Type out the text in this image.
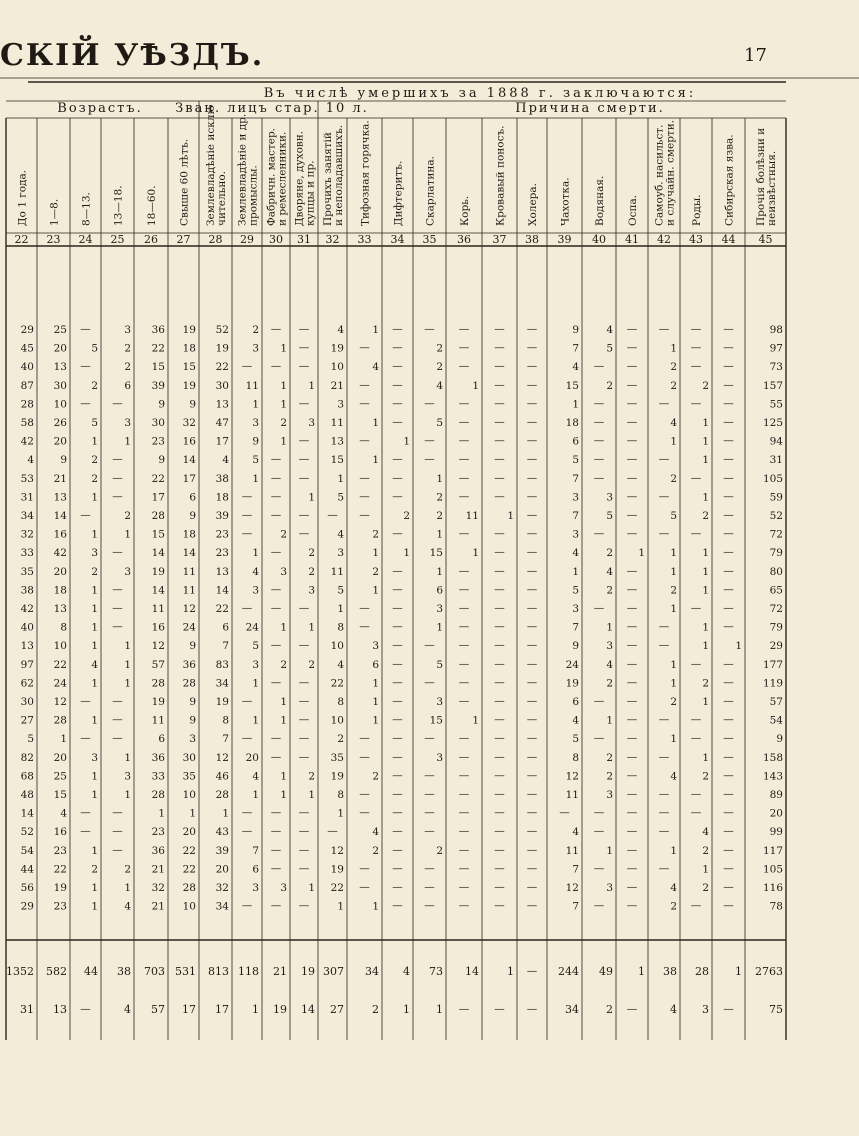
СКІЙ УѢЗДЪ.	17
Въ числѣ умершихъ за 1888 г. заключаются:
Возрастъ. Зван. лицъ стар. 10 л.	Причина смерти.
До 1 года.
22
1—8.
23
8—13.
24
13—18.
25
18—60.
26
Свыше 60 лѣтъ.
27
Землевладѣніе исклю чительно.
28
Землевладѣніе и др. промыслы.
29
Фабричн. мастер. и ремесленники.
30
Дворяне, духовн. купцы и пр.
31
Прочихъ занятій и неполадавшихъ.
32
Тифозная горячка.
33
Дифтеритъ.
34
Скарлатина.
35
Корь.
36
Кровавый поносъ.
37
Холера.
38
Чахотка.
39
Водяная.
40
Оспа.
41
Самоуб. насильст. и случайн. смерти.
42
Роды.
43
Сибирская язва.
44
Прочія болѣзни и неизвѣстныя.
45
29 25 —	3 36 19 52 2 — —	4	1 — — — — —	9	4 — — — —	98
45 20 5	2 22 18 19 3 1 — 19 — —	2 — — —	7	5 —	1 — —	97
40 13 —	2 15 15 22 — — — 10	4 —	2 — — —	4 — —	2 — —	73
87 30 2	6 39 19 30 11 1 1 21 — —	4	1 — —	15	2 —	2 2 —	157
28 10 — —	9 9 13 1 1 —	3 — — — — — —	1 — — — — —	55
58 26 5	3 30 32 47 3 2 3 11	1 —	5 — — —	18 — —	4 1 —	125
42 20 1	1 23 16 17 9 1 — 13 —	1 — — — —	6 — —	1 1 —	94
4	9 2 —	9 14	4 5 — — 15	1 — — — — —	5 — — —	1 —	31
53 21 2 —	22 17 38 1 — —	1 — —	1 — — —	7 — —	2 — —	105
31 13 1 —	17 6 18 — —	1 5 — —	2 — — —	3	3 — —	1 —	59
34 14 —	2 28 9 39 — — — — —	2	2 11	1 —	7	5 —	5 2 —	52
32 16 1	1 15 18 23 —	2 —	4	2 —	1 — — —	3 — — — — —	72
33 42 3 —	14 14 23 1 —	2 3	1 1 15	1 — —	4	2 1 1 1 —	79
35 20 2	3 19 11 13 4 3 2 11	2 —	1 — — —	1	4 —	1 1 —	80
38 18 1 —	14 11 14 3 —	3 5	1 —	6 — — —	5	2 —	2 1 —	65
42 13 1 —	11 12 22 — — —	1 — —	3 — — —	3 — —	1 — —	72
40	8 1 —	16 24	6 24 1 1 8 — —	1 — — —	7	1 — —	1 —	79
13 10 1	1 12 9	7 5 — — 10	3 — — — — —	9	3 — —	1	1	29
97 22 4	1 57 36 83 3 2 2 4	6 —	5 — — —	24	4 —	1 — —	177
62 24 1	1 28 28 34 1 — — 22	1 — — — — —	19	2 —	1 2 —	119
30 12 — —	19 9 19 —	1 —	8	1 —	3 — — —	6 — —	2 1 —	57
27 28 1 —	11 9	8 1 1 — 10	1 —	15	1 — —	4	1 — — — —	54
5	1 — —	6 3	7 — — —	2 — — — — — —	5 — —	1 — —	9
82 20 3	1 36 30 12 20 — — 35 — —	3 — — —	8	2 — —	1 —	158
68 25 1	3 33 35 46 4 1 2 19	2 — — — — —	12	2 —	4 2 —	143
48 15 1	1 28 10 28 1 1 1 8 — — — — — —	11	3 — — — —	89
14	4 — —	1 1	1 — — —	1 — — — — — — — — — — — —	20
52 16 — —	23 20 43 — — — —	4 — — — — —	4 — — —	4 —	99
54 23 1 —	36 22 39 7 — — 12	2 —	2 — — —	11	1 —	1 2 —	117
44 22 2	2 21 22 20 6 — — 19 — — — — — —	7 — — —	1 —	105
56 19 1	1 32 28 32 3 3 1 22 — — — — — —	12	3 —	4 2 —	116
29 23 1	4 21 10 34 — — —	1	1 — — — — —	7 — —	2 — —	78
1352 582 44 38 703 531 813 118 21 19 307 34 4 73 14	1 — 244 49 1 38 28 1 2763
31 13 —	4 57 17 17 1 19 14 27	2 1 1 — — —	34 2 —	4 3 —	75
